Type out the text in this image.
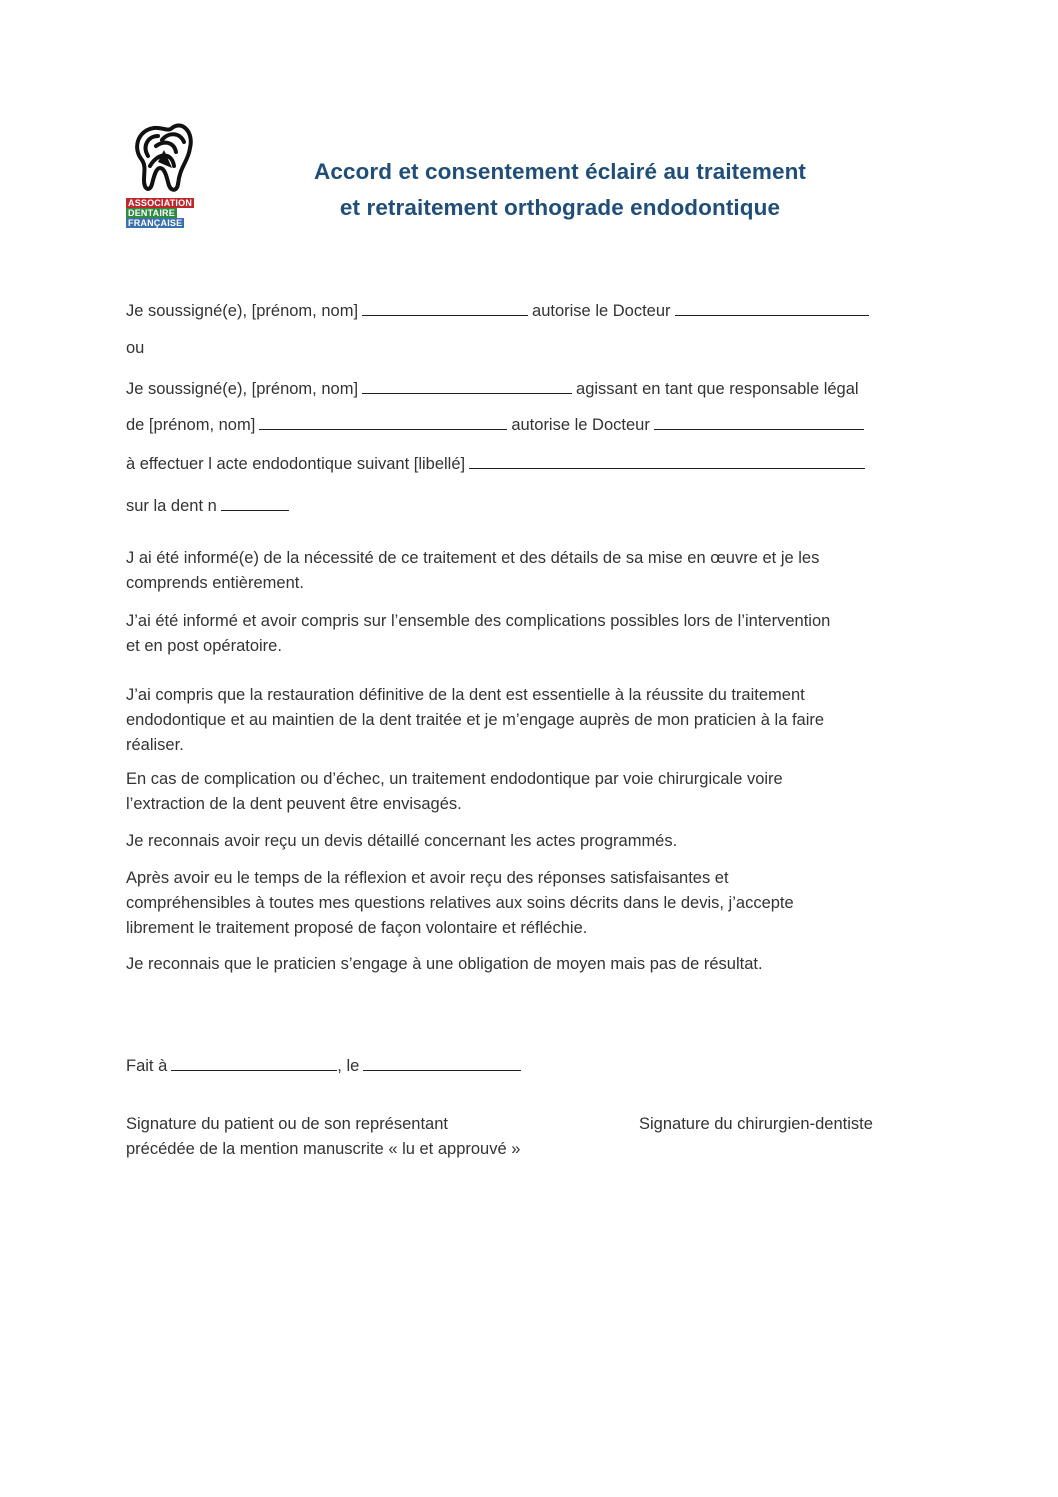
ASSOCIATION
DENTAIRE
FRANÇAISE
Accord et consentement éclairé au traitement
et retraitement orthograde endodontique
Je soussigné(e), [prénom, nom]	autorise le Docteur
ou
Je soussigné(e), [prénom, nom]	agissant en tant que responsable légal
de [prénom, nom]	autorise le Docteur
à effectuer l acte endodontique suivant [libellé]
sur la dent n

J ai été informé(e) de la nécessité de ce traitement et des détails de sa mise en œuvre et je les

comprends entièrement.

J’ai été informé et avoir compris sur l’ensemble des complications possibles lors de l’intervention

et en post opératoire.

J’ai compris que la restauration définitive de la dent est essentielle à la réussite du traitement

endodontique et au maintien de la dent traitée et je m’engage auprès de mon praticien à la faire

réaliser.

En cas de complication ou d’échec, un traitement endodontique par voie chirurgicale voire

l’extraction de la dent peuvent être envisagés.

Je reconnais avoir reçu un devis détaillé concernant les actes programmés.

Après avoir eu le temps de la réflexion et avoir reçu des réponses satisfaisantes et

compréhensibles à toutes mes questions relatives aux soins décrits dans le devis, j’accepte

librement le traitement proposé de façon volontaire et réfléchie.

Je reconnais que le praticien s’engage à une obligation de moyen mais pas de résultat.

Fait à	, le

Signature du patient ou de son représentant

précédée de la mention manuscrite « lu et approuvé »

Signature du chirurgien-dentiste
